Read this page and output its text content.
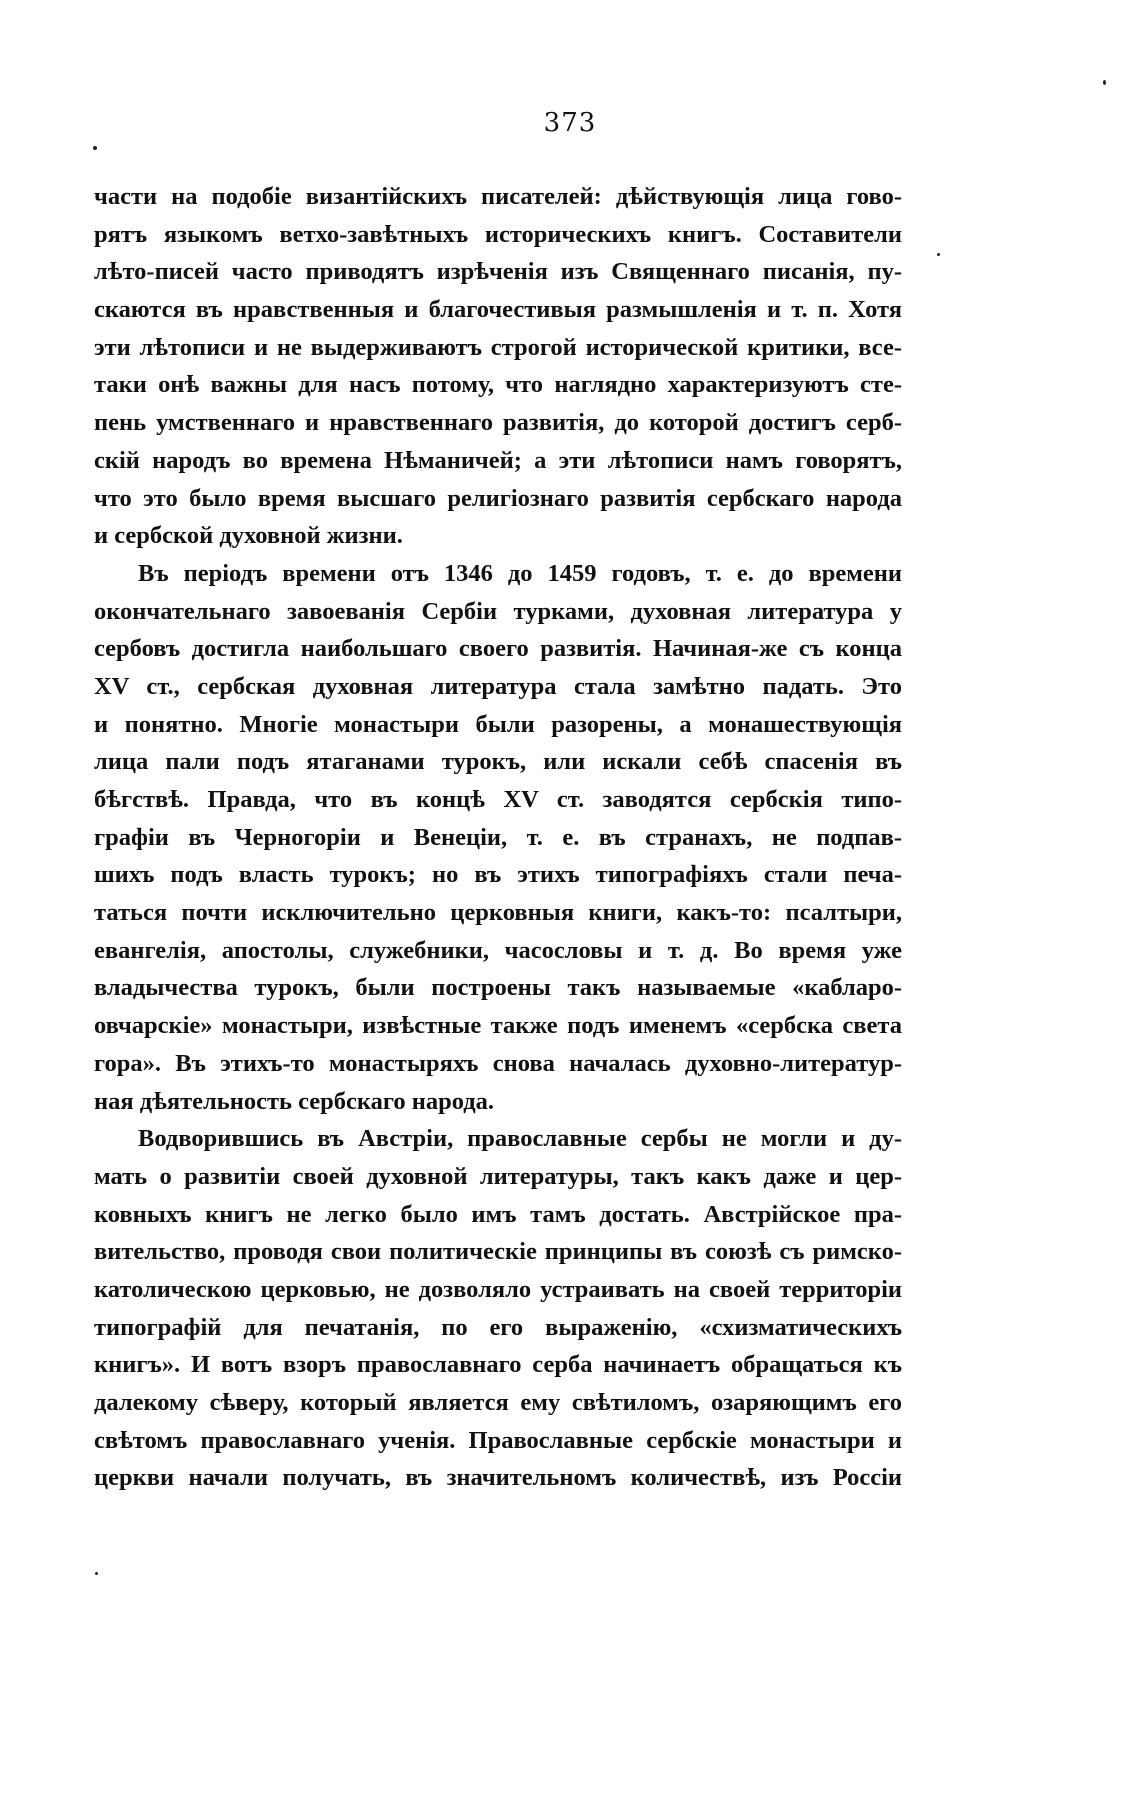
373
части на подобіе византійскихъ писателей: дѣйствующія лица гово-
рятъ языкомъ ветхо-завѣтныхъ историческихъ книгъ. Составители
лѣто-писей часто приводятъ изрѣченія изъ Священнаго писанія, пу-
скаются въ нравственныя и благочестивыя размышленія и т. п. Хотя
эти лѣтописи и не выдерживаютъ строгой исторической критики, все-
таки онѣ важны для насъ потому, что наглядно характеризуютъ сте-
пень умственнаго и нравственнаго развитія, до которой достигъ серб-
скій народъ во времена Нѣманичей; а эти лѣтописи намъ говорятъ,
что это было время высшаго религіознаго развитія сербскаго народа
и сербской духовной жизни.
Въ періодъ времени отъ 1346 до 1459 годовъ, т. е. до времени
окончательнаго завоеванія Сербіи турками, духовная литература у
сербовъ достигла наибольшаго своего развитія. Начиная-же съ конца
XV ст., сербская духовная литература стала замѣтно падать. Это
и понятно. Многіе монастыри были разорены, а монашествующія
лица пали подъ ятаганами турокъ, или искали себѣ спасенія въ
бѣгствѣ. Правда, что въ концѣ XV ст. заводятся сербскія типо-
графіи въ Черногоріи и Венеціи, т. е. въ странахъ, не подпав-
шихъ подъ власть турокъ; но въ этихъ типографіяхъ стали печа-
таться почти исключительно церковныя книги, какъ-то: псалтыри,
евангелія, апостолы, служебники, часословы и т. д. Во время уже
владычества турокъ, были построены такъ называемые «кабларо-
овчарскіе» монастыри, извѣстные также подъ именемъ «сербска света
гора». Въ этихъ-то монастыряхъ снова началась духовно-литератур-
ная дѣятельность сербскаго народа.
Водворившись въ Австріи, православные сербы не могли и ду-
мать о развитіи своей духовной литературы, такъ какъ даже и цер-
ковныхъ книгъ не легко было имъ тамъ достать. Австрійское пра-
вительство, проводя свои политическіе принципы въ союзѣ съ римско-
католическою церковью, не дозволяло устраивать на своей территоріи
типографій для печатанія, по его выраженію, «схизматическихъ
книгъ». И вотъ взоръ православнаго серба начинаетъ обращаться къ
далекому сѣверу, который является ему свѣтиломъ, озаряющимъ его
свѣтомъ православнаго ученія. Православные сербскіе монастыри и
церкви начали получать, въ значительномъ количествѣ, изъ Россіи
